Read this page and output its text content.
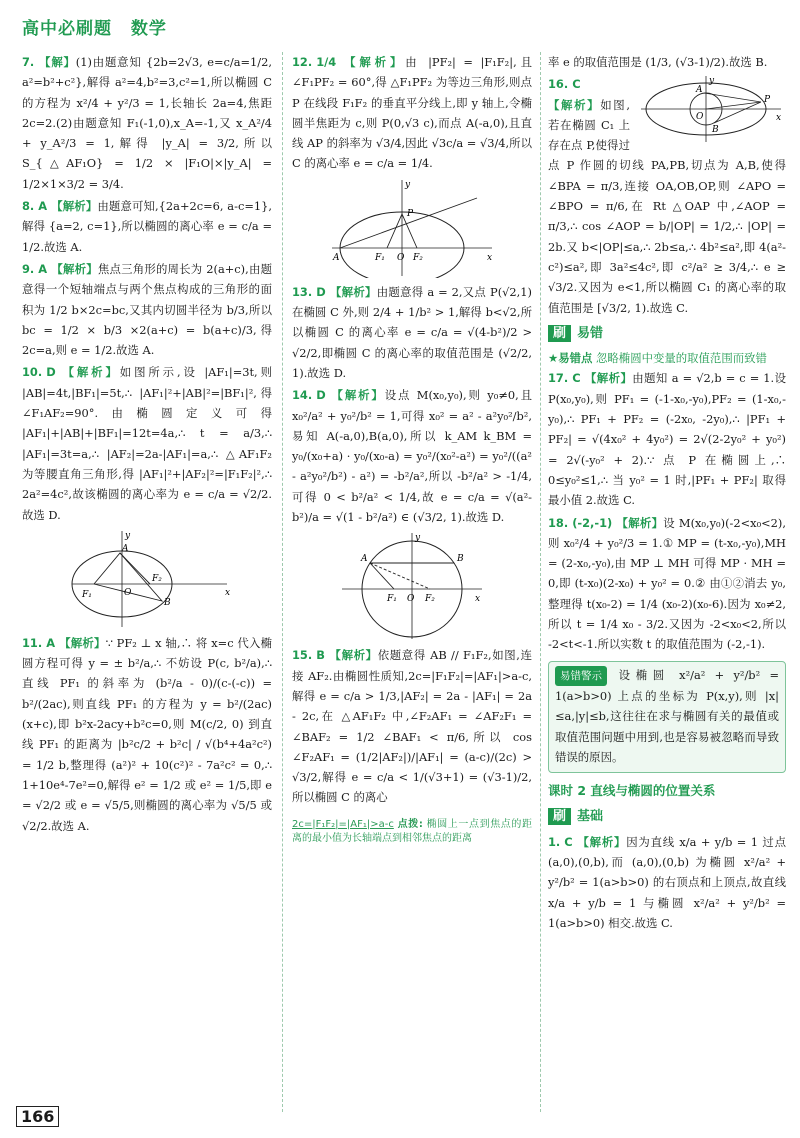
高中必刷题 数学

7. 【解】(1)由题意知 {2b=2√3, e=c/a=1/2, a²=b²+c²},解得 a²=4,b²=3,c²=1,所以椭圆 C 的方程为 x²/4 + y²/3 = 1,长轴长 2a=4,焦距 2c=2.(2)由题意知 F₁(-1,0),x_A=-1,又 x_A²/4 + y_A²/3 = 1,解得 |y_A| = 3/2,所以 S_{△AF₁O} = 1/2 × |F₁O|×|y_A| = 1/2×1×3/2 = 3/4.

8. A 【解析】由题意可知,{2a+2c=6, a-c=1},解得 {a=2, c=1},所以椭圆的离心率 e = c/a = 1/2.故选 A.

9. A 【解析】焦点三角形的周长为 2(a+c),由题意得一个短轴端点与两个焦点构成的三角形的面积为 1/2 b×2c=bc,又其内切圆半径为 b/3,所以 bc = 1/2 × b/3 ×2(a+c) = b(a+c)/3,得 2c=a,则 e = 1/2.故选 A.

10. D 【解析】如图所示,设 |AF₁|=3t,则 |AB|=4t,|BF₁|=5t,∴ |AF₁|²+|AB|²=|BF₁|²,得 ∠F₁AF₂=90°.由椭圆定义可得 |AF₁|+|AB|+|BF₁|=12t=4a,∴ t = a/3,∴ |AF₁|=3t=a,∴ |AF₂|=2a-|AF₁|=a,∴ △AF₁F₂ 为等腰直角三角形,得 |AF₁|²+|AF₂|²=|F₁F₂|²,∴ 2a²=4c²,故该椭圆的离心率为 e = c/a = √2/2.故选 D.

x
y
A
O
F₁
F₂
B

11. A 【解析】∵ PF₂ ⊥ x 轴,∴ 将 x=c 代入椭圆方程可得 y = ± b²/a,∴ 不妨设 P(c, b²/a),∴ 直线 PF₁ 的斜率为 (b²/a - 0)/(c-(-c)) = b²/(2ac),则直线 PF₁ 的方程为 y = b²/(2ac) (x+c),即 b²x-2acy+b²c=0,则 M(c/2, 0) 到直线 PF₁ 的距离为 |b²c/2 + b²c| / √(b⁴+4a²c²) = 1/2 b,整理得 (a²)² + 10(c²)² - 7a²c² = 0,∴ 1+10e⁴-7e²=0,解得 e² = 1/2 或 e² = 1/5,即 e = √2/2 或 e = √5/5,则椭圆的离心率为 √5/5 或 √2/2.故选 A.

12. 1/4 【解析】由 |PF₂| = |F₁F₂|,且 ∠F₁PF₂ = 60°,得 △F₁PF₂ 为等边三角形,则点 P 在线段 F₁F₂ 的垂直平分线上,即 y 轴上,令椭圆半焦距为 c,则 P(0,√3 c),而点 A(-a,0),且直线 AP 的斜率为 √3/4,因此 √3c/a = √3/4,所以 C 的离心率 e = c/a = 1/4.

x
y
P
A	F₁ O F₂

13. D 【解析】由题意得 a = 2,又点 P(√2,1) 在椭圆 C 外,则 2/4 + 1/b² > 1,解得 b<√2,所以椭圆 C 的离心率 e = c/a = √(4-b²)/2 > √2/2,即椭圆 C 的离心率的取值范围是 (√2/2, 1).故选 D.

14. D 【解析】设点 M(x₀,y₀),则 y₀≠0,且 x₀²/a² + y₀²/b² = 1,可得 x₀² = a² - a²y₀²/b²,易知 A(-a,0),B(a,0),所以 k_AM k_BM = y₀/(x₀+a) · y₀/(x₀-a) = y₀²/(x₀²-a²) = y₀²/((a² - a²y₀²/b²) - a²) = -b²/a²,所以 -b²/a² > -1/4,可得 0 < b²/a² < 1/4,故 e = c/a = √(a²-b²)/a = √(1 - b²/a²) ∈ (√3/2, 1).故选 D.

x
y
A	B
F₁ O F₂

15. B 【解析】依题意得 AB // F₁F₂,如图,连接 AF₂.由椭圆性质知,2c=|F₁F₂|=|AF₁|>a-c,解得 e = c/a > 1/3,|AF₂| = 2a - |AF₁| = 2a - 2c,在 △AF₁F₂ 中,∠F₂AF₁ = ∠AF₂F₁ = ∠BAF₂ = 1/2 ∠BAF₁ < π/6,所以 cos ∠F₂AF₁ = (1/2|AF₂|)/|AF₁| = (a-c)/(2c) > √3/2,解得 e = c/a < 1/(√3+1) = (√3-1)/2,所以椭圆 C 的离心

2c=|F₁F₂|=|AF₁|>a-c 点拨: 椭圆上一点到焦点的距离的最小值为长轴端点到相邻焦点的距离

率 e 的取值范围是 (1/3, (√3-1)/2).故选 B.

x
y
A
B
P
O

16. C【解析】如图,若在椭圆 C₁ 上存在点 P,使得过点 P 作圆的切线 PA,PB,切点为 A,B,使得 ∠BPA = π/3,连接 OA,OB,OP,则 ∠APO = ∠BPO = π/6,在 Rt △OAP 中,∠AOP = π/3,∴ cos ∠AOP = b/|OP| = 1/2,∴ |OP| = 2b.又 b<|OP|≤a,∴ 2b≤a,∴ 4b²≤a²,即 4(a²-c²)≤a²,即 3a²≤4c²,即 c²/a² ≥ 3/4,∴ e ≥ √3/2.又因为 e<1,所以椭圆 C₁ 的离心率的取值范围是 [√3/2, 1).故选 C.

刷 易错
★易错点 忽略椭圆中变量的取值范围而致错

17. C 【解析】由题知 a = √2,b = c = 1.设 P(x₀,y₀),则 PF₁ = (-1-x₀,-y₀),PF₂ = (1-x₀,-y₀),∴ PF₁ + PF₂ = (-2x₀, -2y₀),∴ |PF₁ + PF₂| = √(4x₀² + 4y₀²) = 2√(2-2y₀² + y₀²) = 2√(-y₀² + 2).∵ 点 P 在椭圆上,∴ 0≤y₀²≤1,∴ 当 y₀² = 1 时,|PF₁ + PF₂| 取得最小值 2.故选 C.

18. (-2,-1) 【解析】设 M(x₀,y₀)(-2<x₀<2),则 x₀²/4 + y₀²/3 = 1.① MP = (t-x₀,-y₀),MH = (2-x₀,-y₀),由 MP ⊥ MH 可得 MP · MH = 0,即 (t-x₀)(2-x₀) + y₀² = 0.② 由①②消去 y₀,整理得 t(x₀-2) = 1/4 (x₀-2)(x₀-6).因为 x₀≠2,所以 t = 1/4 x₀ - 3/2.又因为 -2<x₀<2,所以 -2<t<-1.所以实数 t 的取值范围为 (-2,-1).

易错警示 设椭圆 x²/a² + y²/b² = 1(a>b>0) 上点的坐标为 P(x,y),则 |x|≤a,|y|≤b,这往往在求与椭圆有关的最值或取值范围问题中用到,也是容易被忽略而导致错误的原因。
课时 2 直线与椭圆的位置关系
刷 基础

1. C 【解析】因为直线 x/a + y/b = 1 过点 (a,0),(0,b),而 (a,0),(0,b) 为椭圆 x²/a² + y²/b² = 1(a>b>0) 的右顶点和上顶点,故直线 x/a + y/b = 1 与椭圆 x²/a² + y²/b² = 1(a>b>0) 相交.故选 C.

166
